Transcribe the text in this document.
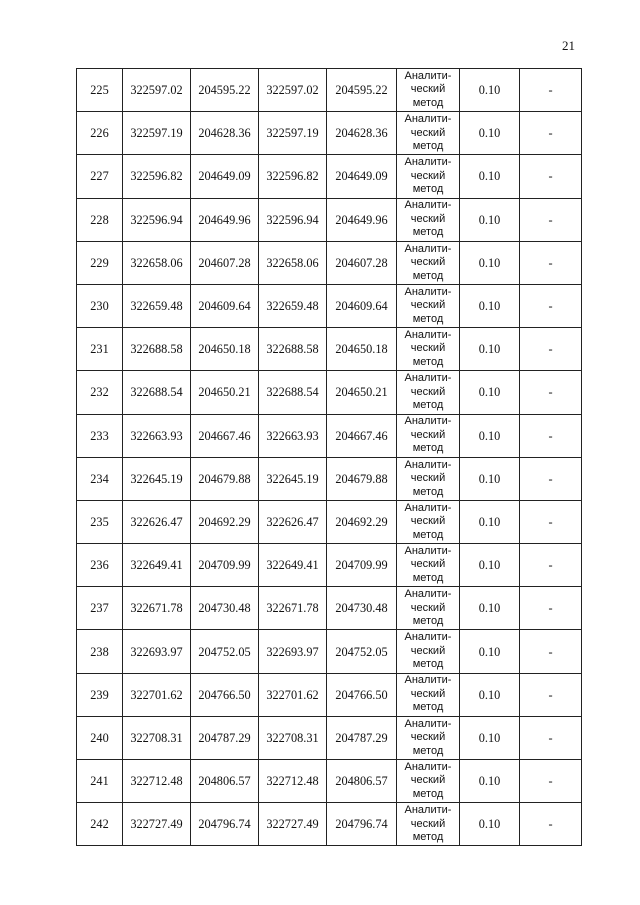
21
225	322597.02	204595.22	322597.02	204595.22	Аналити-
ческий
метод	0.10	-
226	322597.19	204628.36	322597.19	204628.36	Аналити-
ческий
метод	0.10	-
227	322596.82	204649.09	322596.82	204649.09	Аналити-
ческий
метод	0.10	-
228	322596.94	204649.96	322596.94	204649.96	Аналити-
ческий
метод	0.10	-
229	322658.06	204607.28	322658.06	204607.28	Аналити-
ческий
метод	0.10	-
230	322659.48	204609.64	322659.48	204609.64	Аналити-
ческий
метод	0.10	-
231	322688.58	204650.18	322688.58	204650.18	Аналити-
ческий
метод	0.10	-
232	322688.54	204650.21	322688.54	204650.21	Аналити-
ческий
метод	0.10	-
233	322663.93	204667.46	322663.93	204667.46	Аналити-
ческий
метод	0.10	-
234	322645.19	204679.88	322645.19	204679.88	Аналити-
ческий
метод	0.10	-
235	322626.47	204692.29	322626.47	204692.29	Аналити-
ческий
метод	0.10	-
236	322649.41	204709.99	322649.41	204709.99	Аналити-
ческий
метод	0.10	-
237	322671.78	204730.48	322671.78	204730.48	Аналити-
ческий
метод	0.10	-
238	322693.97	204752.05	322693.97	204752.05	Аналити-
ческий
метод	0.10	-
239	322701.62	204766.50	322701.62	204766.50	Аналити-
ческий
метод	0.10	-
240	322708.31	204787.29	322708.31	204787.29	Аналити-
ческий
метод	0.10	-
241	322712.48	204806.57	322712.48	204806.57	Аналити-
ческий
метод	0.10	-
242	322727.49	204796.74	322727.49	204796.74	Аналити-
ческий
метод	0.10	-
